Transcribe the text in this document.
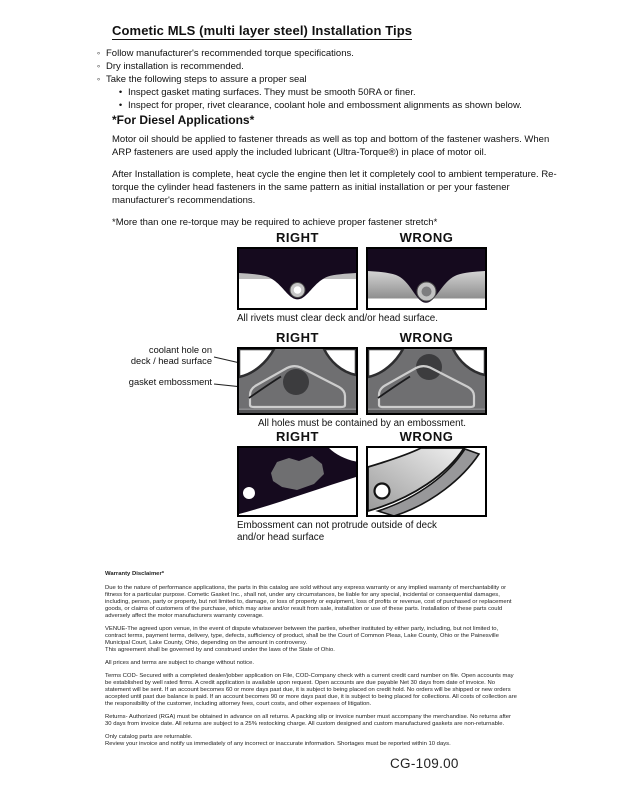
Cometic MLS (multi layer steel) Installation Tips
◦ Follow manufacturer's recommended torque specifications.
◦ Dry installation is recommended.
◦ Take the following steps to assure a proper seal
• Inspect gasket mating surfaces. They must be smooth 50RA or finer.
• Inspect for proper, rivet clearance, coolant hole and embossment alignments as shown below.
*For Diesel Applications*

Motor oil should be applied to fastener threads as well as top and bottom of the fastener washers. When ARP fasteners are used apply the included lubricant (Ultra-Torque®) in place of motor oil.

After Installation is complete, heat cycle the engine then let it completely cool to ambient temperature. Re-torque the cylinder head fasteners in the same pattern as initial installation or per your fastener manufacturer's recommendations.

*More than one re-torque may be required to achieve proper fastener stretch*

RIGHT	WRONG
All rivets must clear deck and/or head surface.
coolant hole on
deck / head surface
gasket embossment
RIGHT	WRONG
All holes must be contained by an embossment.
RIGHT	WRONG
Embossment can not protrude outside of deck and/or head surface

Warranty Disclaimer*

Due to the nature of performance applications, the parts in this catalog are sold without any express warranty or any implied warranty of merchantability or fitness for a particular purpose. Cometic Gasket Inc., shall not, under any circumstances, be liable for any special, incidental or consequential damages, including, person, party or property, but not limited to, damage, or loss of property or equipment, loss of profits or revenue, cost of purchased or replacement goods, or claims of customers of the purchase, which may arise and/or result from sale, installation or use of these parts. Installation of these parts could adversely affect the motor manufacturers warranty coverage.

VENUE-The agreed upon venue, in the event of dispute whatsoever between the parties, whether instituted by either party, including, but not limited to, contract terms, payment terms, delivery, type, defects, sufficiency of product, shall be the Court of Common Pleas, Lake County, Ohio or the Painesville Municipal Court, Lake County, Ohio, depending on the amount in controversy.

This agreement shall be governed by and construed under the laws of the State of Ohio.

All prices and terms are subject to change without notice.

Terms COD- Secured with a completed dealer/jobber application on File, COD-Company check with a current credit card number on file. Open accounts may be established by well rated firms. A credit application is available upon request. Open accounts are due payable Net 30 days from date of invoice. No statement will be sent. If an account becomes 60 or more days past due, it is subject to being placed on credit hold. No orders will be shipped or new orders accepted until past due balance is paid. If an account becomes 90 or more days past due, it is subject to being placed for collections. All costs of collection are the responsibility of the customer, including attorney fees, court costs, and other expenses of litigation.

Returns- Authorized (RGA) must be obtained in advance on all returns. A packing slip or invoice number must accompany the merchandise. No returns after 30 days from invoice date. All returns are subject to a 25% restocking charge. All custom designed and custom manufactured gaskets are non-returnable.

Only catalog parts are returnable.

Review your invoice and notify us immediately of any incorrect or inaccurate information. Shortages must be reported within 10 days.

CG-109.00
